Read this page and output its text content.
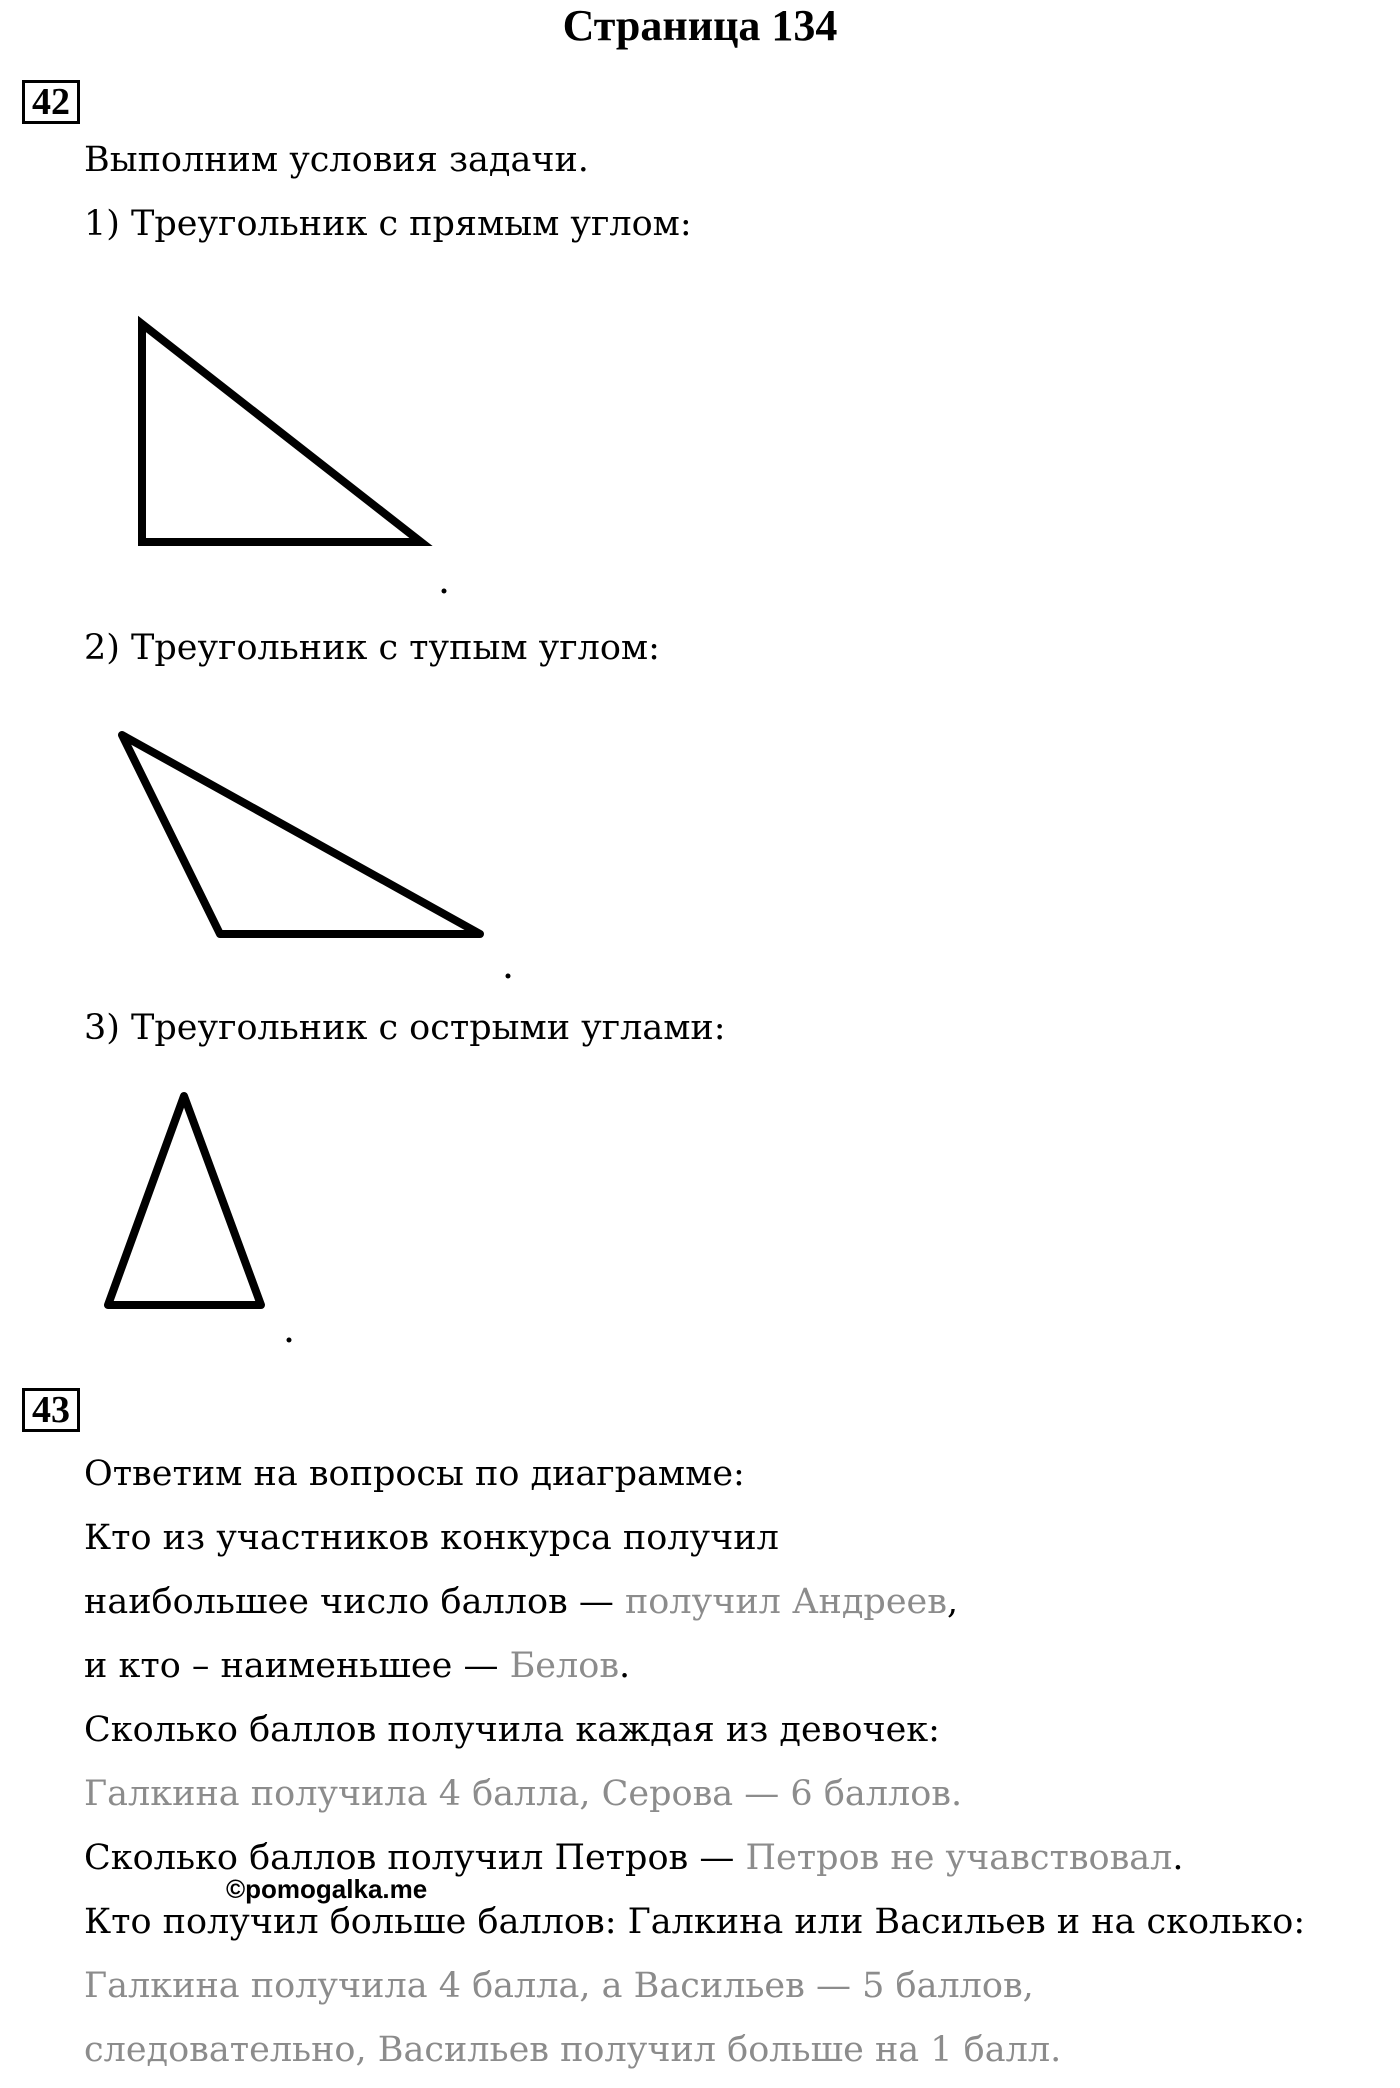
Страница 134
42
Выполним условия задачи.
1) Треугольник с прямым углом:
2) Треугольник с тупым углом:
3) Треугольник с острыми углами:
43
Ответим на вопросы по диаграмме:
Кто из участников конкурса получил
наибольшее число баллов — получил Андреев,
и кто – наименьшее — Белов.
Сколько баллов получила каждая из девочек:
Галкина получила 4 балла, Серова — 6 баллов.
Сколько баллов получил Петров — Петров не учавствовал.
Кто получил больше баллов: Галкина или Васильев и на сколько:
Галкина получила 4 балла, а Васильев — 5 баллов,
следовательно, Васильев получил больше на 1 балл.
©pomogalka.me
